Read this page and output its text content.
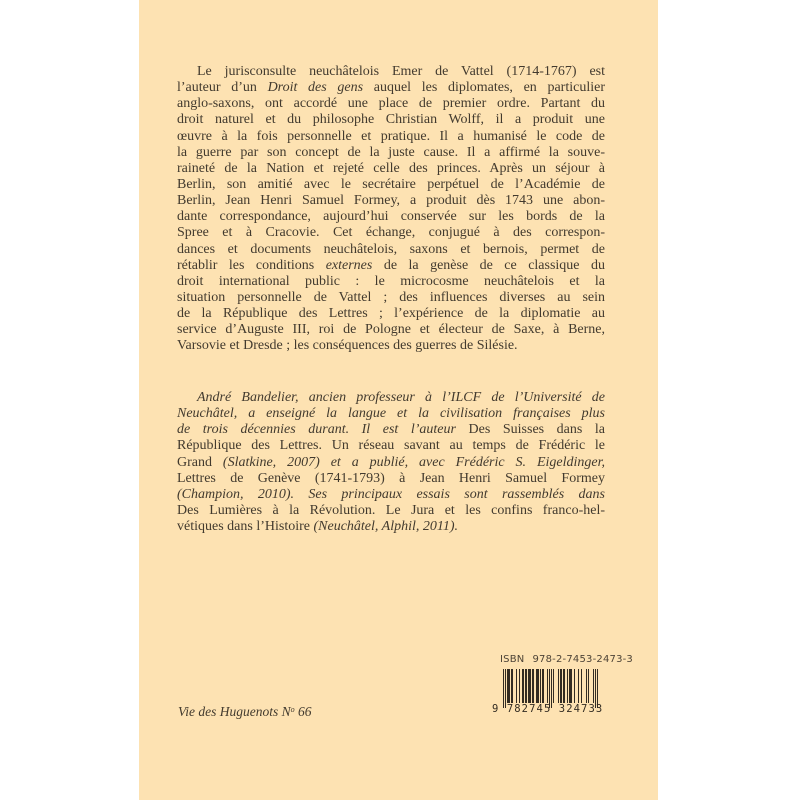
Le jurisconsulte neuchâtelois Emer de Vattel (1714-1767) est
l’auteur d’un Droit des gens auquel les diplomates, en particulier
anglo-saxons, ont accordé une place de premier ordre. Partant du
droit naturel et du philosophe Christian Wolff, il a produit une
œuvre à la fois personnelle et pratique. Il a humanisé le code de
la guerre par son concept de la juste cause. Il a affirmé la souve-
raineté de la Nation et rejeté celle des princes. Après un séjour à
Berlin, son amitié avec le secrétaire perpétuel de l’Académie de
Berlin, Jean Henri Samuel Formey, a produit dès 1743 une abon-
dante correspondance, aujourd’hui conservée sur les bords de la
Spree et à Cracovie. Cet échange, conjugué à des correspon-
dances et documents neuchâtelois, saxons et bernois, permet de
rétablir les conditions externes de la genèse de ce classique du
droit international public : le microcosme neuchâtelois et la
situation personnelle de Vattel ; des influences diverses au sein
de la République des Lettres ; l’expérience de la diplomatie au
service d’Auguste III, roi de Pologne et électeur de Saxe, à Berne,
Varsovie et Dresde ; les conséquences des guerres de Silésie.
André Bandelier, ancien professeur à l’ILCF de l’Université de
Neuchâtel, a enseigné la langue et la civilisation françaises plus
de trois décennies durant. Il est l’auteur Des Suisses dans la
République des Lettres. Un réseau savant au temps de Frédéric le
Grand (Slatkine, 2007) et a publié, avec Frédéric S. Eigeldinger,
Lettres de Genève (1741-1793) à Jean Henri Samuel Formey
(Champion, 2010). Ses principaux essais sont rassemblés dans
Des Lumières à la Révolution. Le Jura et les confins franco-hel-
vétiques dans l’Histoire (Neuchâtel, Alphil, 2011).
ISBN 978-2-7453-2473-3
9 782745 324733
Vie des Huguenots $N^o$ 66
